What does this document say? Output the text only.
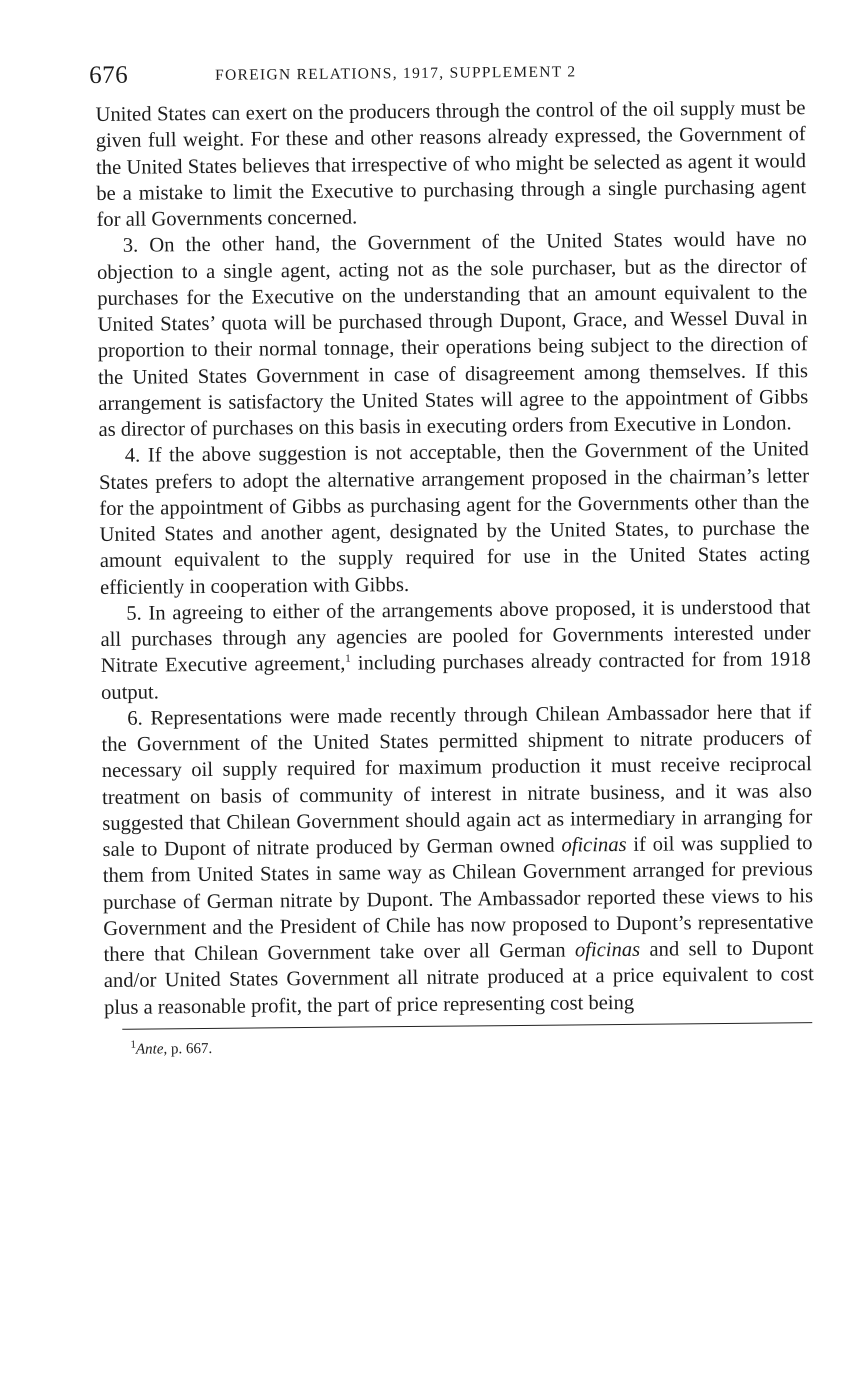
676	FOREIGN RELATIONS, 1917, SUPPLEMENT 2

United States can exert on the producers through the control of the oil supply must be given full weight. For these and other reasons already expressed, the Government of the United States believes that irrespective of who might be selected as agent it would be a mistake to limit the Executive to purchasing through a single purchasing agent for all Governments concerned.

3. On the other hand, the Government of the United States would have no objection to a single agent, acting not as the sole purchaser, but as the director of purchases for the Executive on the understanding that an amount equivalent to the United States’ quota will be purchased through Dupont, Grace, and Wessel Duval in proportion to their normal tonnage, their operations being subject to the direction of the United States Government in case of disagreement among themselves. If this arrangement is satisfactory the United States will agree to the appointment of Gibbs as director of purchases on this basis in executing orders from Executive in London.

4. If the above suggestion is not acceptable, then the Government of the United States prefers to adopt the alternative arrangement proposed in the chairman’s letter for the appointment of Gibbs as purchasing agent for the Governments other than the United States and another agent, designated by the United States, to purchase the amount equivalent to the supply required for use in the United States acting efficiently in cooperation with Gibbs.

5. In agreeing to either of the arrangements above proposed, it is understood that all purchases through any agencies are pooled for Governments interested under Nitrate Executive agreement,$^1$ including purchases already contracted for from 1918 output.

6. Representations were made recently through Chilean Ambassador here that if the Government of the United States permitted shipment to nitrate producers of necessary oil supply required for maximum production it must receive reciprocal treatment on basis of community of interest in nitrate business, and it was also suggested that Chilean Government should again act as intermediary in arranging for sale to Dupont of nitrate produced by German owned oficinas if oil was supplied to them from United States in same way as Chilean Government arranged for previous purchase of German nitrate by Dupont. The Ambassador reported these views to his Government and the President of Chile has now proposed to Dupont’s representative there that Chilean Government take over all German oficinas and sell to Dupont and/or United States Government all nitrate produced at a price equivalent to cost plus a reasonable profit, the part of price representing cost being

$^1$Ante, p. 667.
